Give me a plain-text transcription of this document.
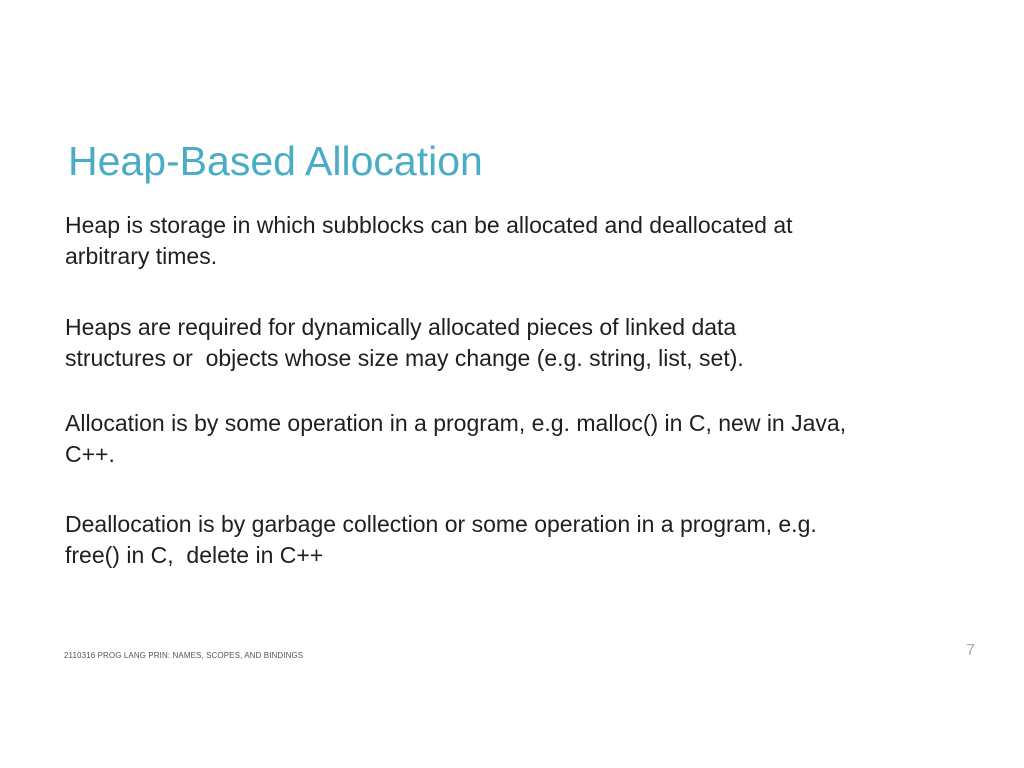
Heap-Based Allocation

Heap is storage in which subblocks can be allocated and deallocated at
arbitrary times.

Heaps are required for dynamically allocated pieces of linked data
structures or  objects whose size may change (e.g. string, list, set).

Allocation is by some operation in a program, e.g. malloc() in C, new in Java,
C++.

Deallocation is by garbage collection or some operation in a program, e.g.
free() in C,  delete in C++

2110316 PROG LANG PRIN: NAMES, SCOPES, AND BINDINGS	7
